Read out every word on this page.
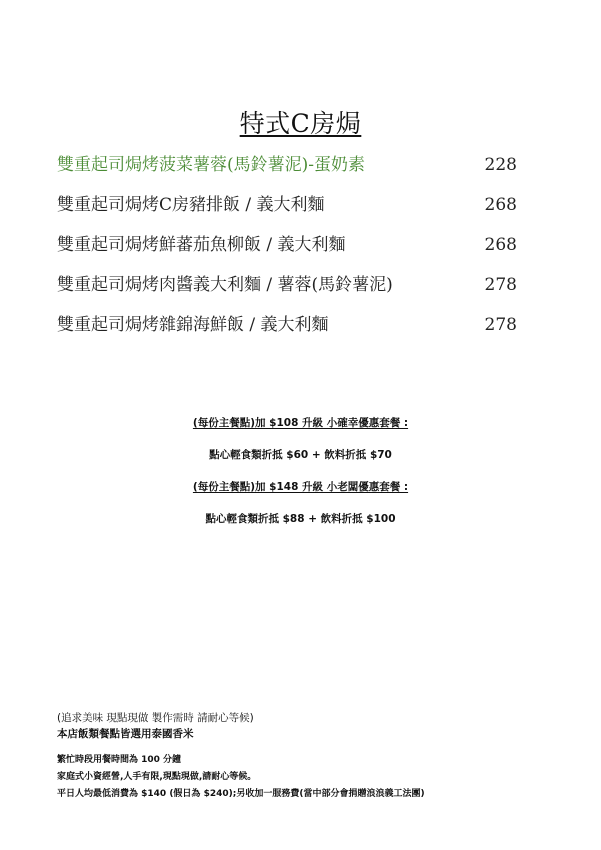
特式C房焗
雙重起司焗烤菠菜薯蓉(馬鈴薯泥)-蛋奶素	228
雙重起司焗烤C房豬排飯 / 義大利麵	268
雙重起司焗烤鮮蕃茄魚柳飯 / 義大利麵	268
雙重起司焗烤肉醬義大利麵 / 薯蓉(馬鈴薯泥)	278
雙重起司焗烤雜錦海鮮飯 / 義大利麵	278
(每份主餐點)加 $108 升級 小確幸優惠套餐 :
點心輕食類折抵 $60 + 飲料折抵 $70
(每份主餐點)加 $148 升級 小老闆優惠套餐 :
點心輕食類折抵 $88 + 飲料折抵 $100
(追求美味 現點現做 製作需時 請耐心等候)
本店飯類餐點皆選用泰國香米
繁忙時段用餐時間為 100 分鐘
家庭式小資經營,人手有限,現點現做,請耐心等候。
平日人均最低消費為 $140 (假日為 $240);另收加一服務費(當中部分會捐贈浪浪義工法團)
